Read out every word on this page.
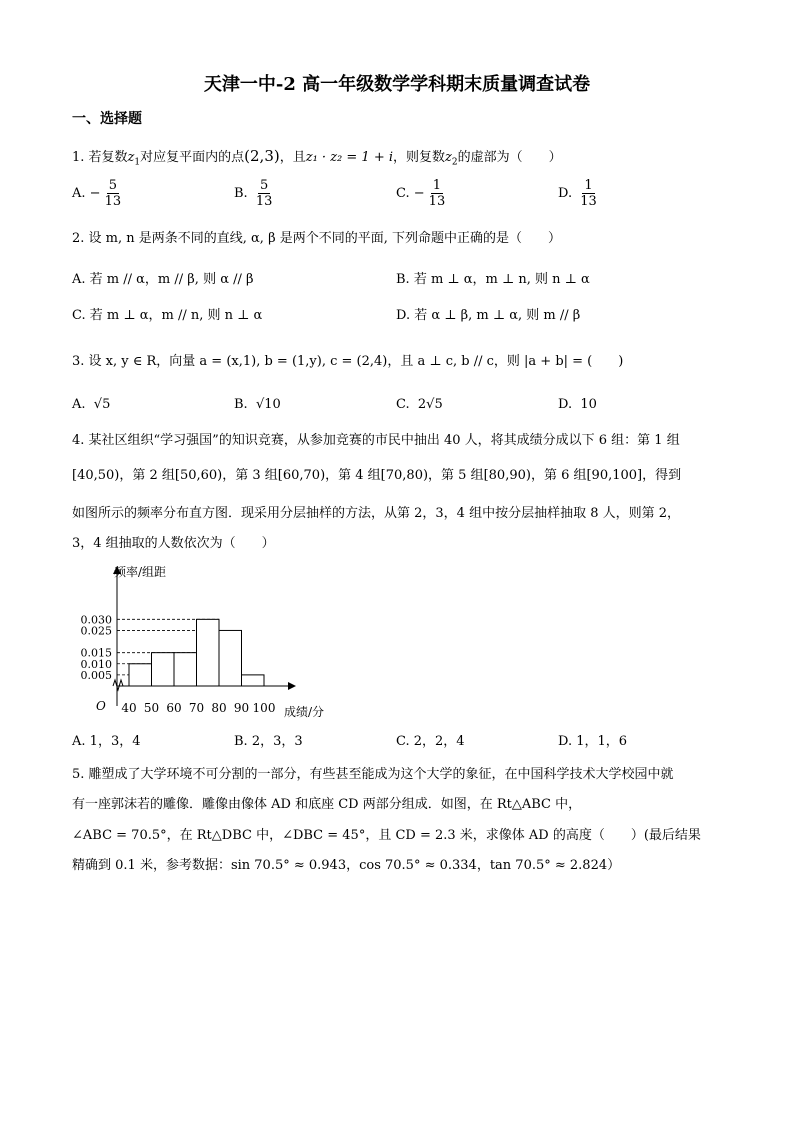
天津一中-2 高一年级数学学科期末质量调查试卷
一、选择题
1. 若复数$z_1$对应复平面内的点(2,3)，且z₁ · z₂ = 1 + i，则复数$z_2$的虚部为（　　）
A. − $\frac{5}{13}$	B. $\frac{5}{13}$	C. − $\frac{1}{13}$	D. $\frac{1}{13}$
2. 设 m, n 是两条不同的直线, α, β 是两个不同的平面, 下列命题中正确的是（　　）
A. 若 m // α，m // β, 则 α // β	B. 若 m ⊥ α，m ⊥ n, 则 n ⊥ α
C. 若 m ⊥ α，m // n, 则 n ⊥ α	D. 若 α ⊥ β, m ⊥ α, 则 m // β
3. 设 x, y ∈ R，向量 a = (x,1), b = (1,y), c = (2,4)，且 a ⊥ c, b // c，则 |a + b| = (　　)
A. √5	B. √10	C. 2√5	D. 10
4. 某社区组织“学习强国”的知识竞赛，从参加竞赛的市民中抽出 40 人，将其成绩分成以下 6 组：第 1 组
[40,50)，第 2 组[50,60)，第 3 组[60,70)，第 4 组[70,80)，第 5 组[80,90)，第 6 组[90,100]，得到
如图所示的频率分布直方图．现采用分层抽样的方法，从第 2，3，4 组中按分层抽样抽取 8 人，则第 2，
3，4 组抽取的人数依次为（　　）
频率/组距
成绩/分
O
0.005
0.010
0.015
0.025
0.030
40 50 60 70 80 90 100
A. 1，3，4	B. 2，3，3	C. 2，2，4	D. 1，1，6
5. 雕塑成了大学环境不可分割的一部分，有些甚至能成为这个大学的象征，在中国科学技术大学校园中就
有一座郭沫若的雕像．雕像由像体 AD 和底座 CD 两部分组成．如图，在 Rt△ABC 中，
∠ABC = 70.5°，在 Rt△DBC 中，∠DBC = 45°，且 CD = 2.3 米，求像体 AD 的高度（　　）(最后结果
精确到 0.1 米，参考数据：sin 70.5° ≈ 0.943，cos 70.5° ≈ 0.334，tan 70.5° ≈ 2.824）
